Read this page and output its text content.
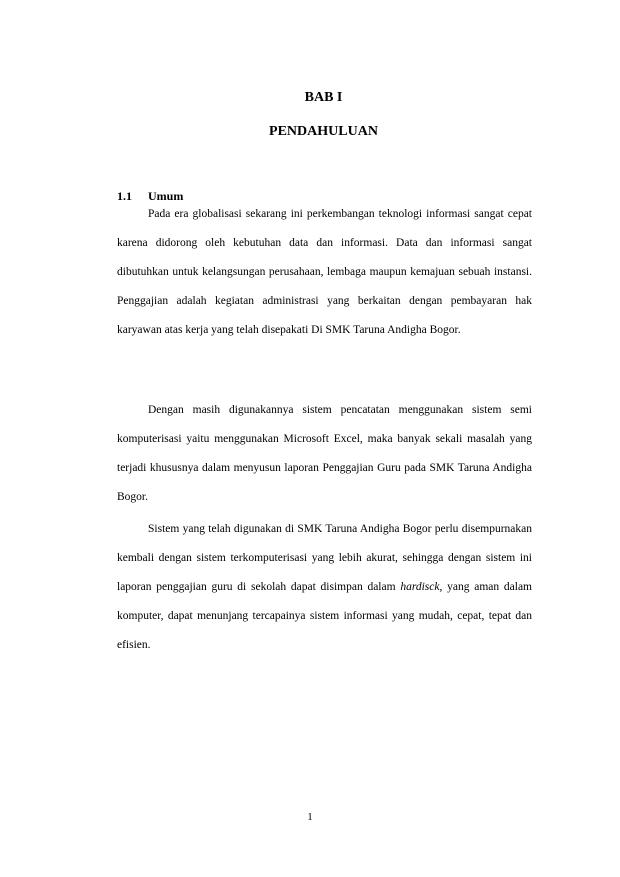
BAB I
PENDAHULUAN
1.1 Umum

Pada era globalisasi sekarang ini perkembangan teknologi informasi sangat cepat karena didorong oleh kebutuhan data dan informasi. Data dan informasi sangat dibutuhkan untuk kelangsungan perusahaan, lembaga maupun kemajuan sebuah instansi. Penggajian adalah kegiatan administrasi yang berkaitan dengan pembayaran hak karyawan atas kerja yang telah disepakati Di SMK Taruna Andigha Bogor.

Dengan masih digunakannya sistem pencatatan menggunakan sistem semi komputerisasi yaitu menggunakan Microsoft Excel, maka banyak sekali masalah yang terjadi khususnya dalam menyusun laporan Penggajian Guru pada SMK Taruna Andigha Bogor.

Sistem yang telah digunakan di SMK Taruna Andigha Bogor perlu disempurnakan kembali dengan sistem terkomputerisasi yang lebih akurat, sehingga dengan sistem ini laporan penggajian guru di sekolah dapat disimpan dalam hardisck, yang aman dalam komputer, dapat menunjang tercapainya sistem informasi yang mudah, cepat, tepat dan efisien.

1
